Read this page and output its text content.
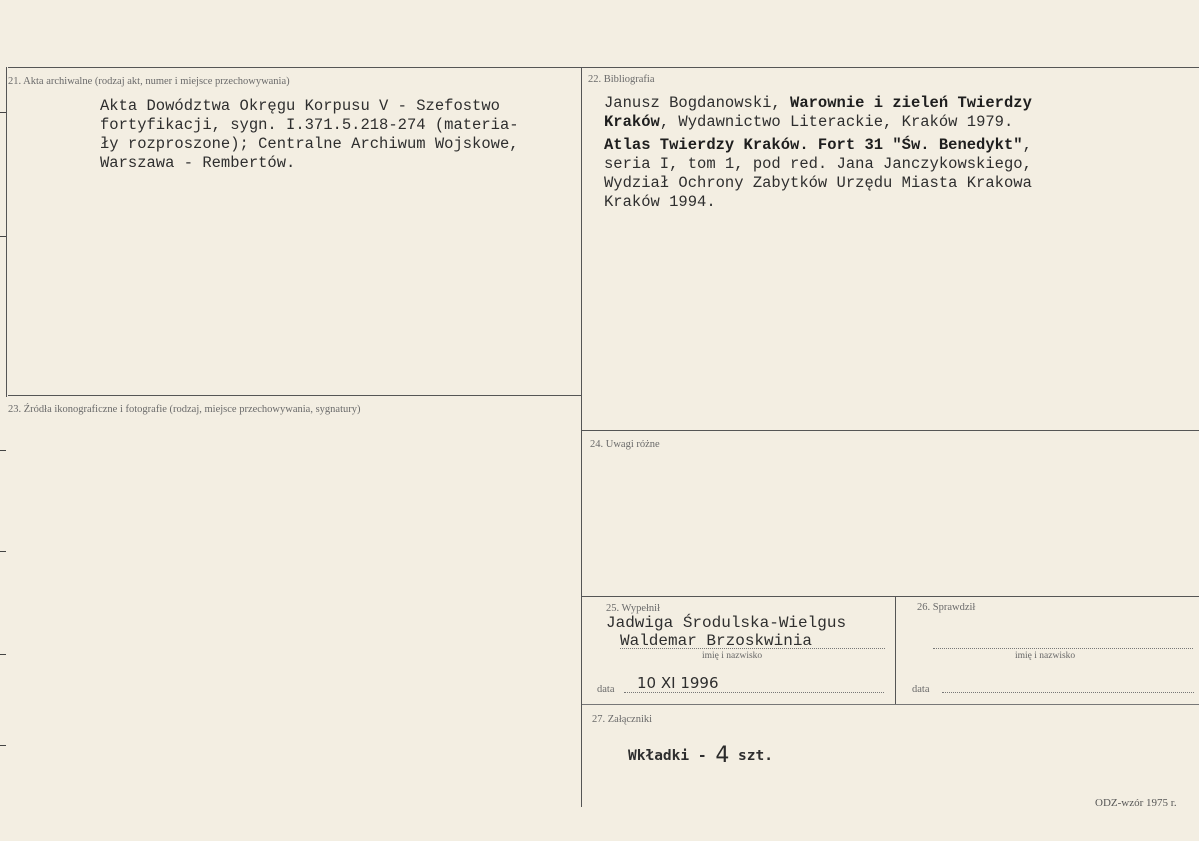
21. Akta archiwalne (rodzaj akt, numer i miejsce przechowywania)
Akta Dowództwa Okręgu Korpusu V - Szefostwo
fortyfikacji, sygn. I.371.5.218-274 (materia-
ły rozproszone); Centralne Archiwum Wojskowe,
Warszawa - Rembertów.
22. Bibliografia
Janusz Bogdanowski, Warownie i zieleń Twierdzy
Kraków, Wydawnictwo Literackie, Kraków 1979.
Atlas Twierdzy Kraków. Fort 31 "Św. Benedykt",
seria I, tom 1, pod red. Jana Janczykowskiego,
Wydział Ochrony Zabytków Urzędu Miasta Krakowa
Kraków 1994.
23. Źródła ikonograficzne i fotografie (rodzaj, miejsce przechowywania, sygnatury)
24. Uwagi różne
25. Wypełnił
Jadwiga Środulska-Wielgus
Waldemar Brzoskwinia
imię i nazwisko
data 10 XI 1996
26. Sprawdził
imię i nazwisko
data
27. Załączniki
Wkładki - 4 szt.
ODZ-wzór 1975 r.
